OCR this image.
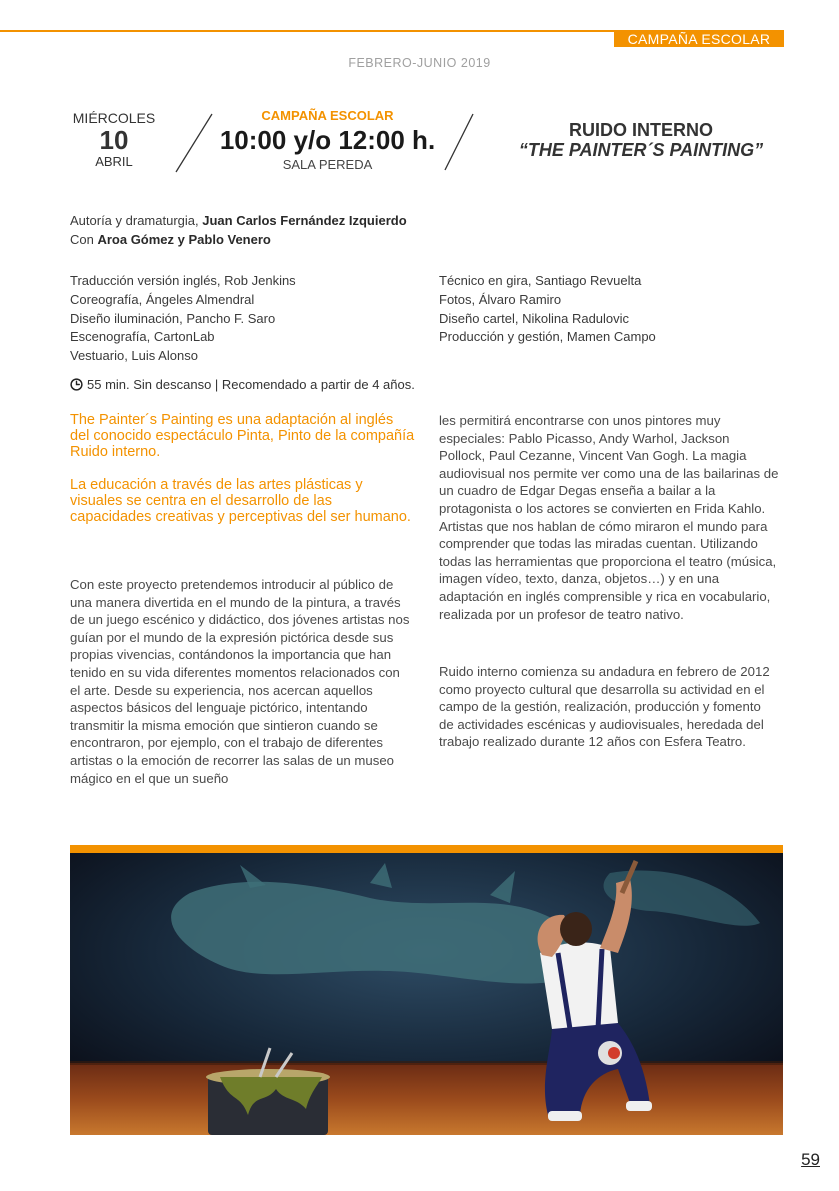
CAMPAÑA ESCOLAR
FEBRERO-JUNIO 2019
MIÉRCOLES
10
ABRIL
CAMPAÑA ESCOLAR
10:00 y/o 12:00 h.
SALA PEREDA
RUIDO INTERNO
“THE PAINTER´S PAINTING”
Autoría y dramaturgia, Juan Carlos Fernández Izquierdo
Con Aroa Gómez y Pablo Venero
Traducción versión inglés, Rob Jenkins
Coreografía, Ángeles Almendral
Diseño iluminación, Pancho F. Saro
Escenografía, CartonLab
Vestuario, Luis Alonso
Técnico en gira, Santiago Revuelta
Fotos, Álvaro Ramiro
Diseño cartel, Nikolina Radulovic
Producción y gestión, Mamen Campo
55 min. Sin descanso | Recomendado a partir de 4 años.
The Painter´s Painting es una adaptación al inglés del conocido espectáculo Pinta, Pinto de la compañía Ruido interno.
La educación a través de las artes plásticas y visuales se centra en el desarrollo de las capacidades creativas y perceptivas del ser humano.
Con este proyecto pretendemos introducir al público de una manera divertida en el mundo de la pintura, a través de un juego escénico y didáctico, dos jóvenes artistas nos guían por el mundo de la expresión pictórica desde sus propias vivencias, contándonos la importancia que han tenido en su vida diferentes momentos relacionados con el arte. Desde su experiencia, nos acercan aquellos aspectos básicos del lenguaje pictórico, intentando transmitir la misma emoción que sintieron cuando se encontraron, por ejemplo, con el trabajo de diferentes artistas o la emoción de recorrer las salas de un museo mágico en el que un sueño
les permitirá encontrarse con unos pintores muy especiales: Pablo Picasso, Andy Warhol, Jackson Pollock, Paul Cezanne, Vincent Van Gogh. La magia audiovisual nos permite ver como una de las bailarinas de un cuadro de Edgar Degas enseña a bailar a la protagonista o los actores se convierten en Frida Kahlo. Artistas que nos hablan de cómo miraron el mundo para comprender que todas las miradas cuentan. Utilizando todas las herramientas que proporciona el teatro (música, imagen vídeo, texto, danza, objetos…) y en una adaptación en inglés comprensible y rica en vocabulario, realizada por un profesor de teatro nativo.
Ruido interno comienza su andadura en febrero de 2012 como proyecto cultural que desarrolla su actividad en el campo de la gestión, realización, producción y fomento de actividades escénicas y audiovisuales, heredada del trabajo realizado durante 12 años con Esfera Teatro.
59
